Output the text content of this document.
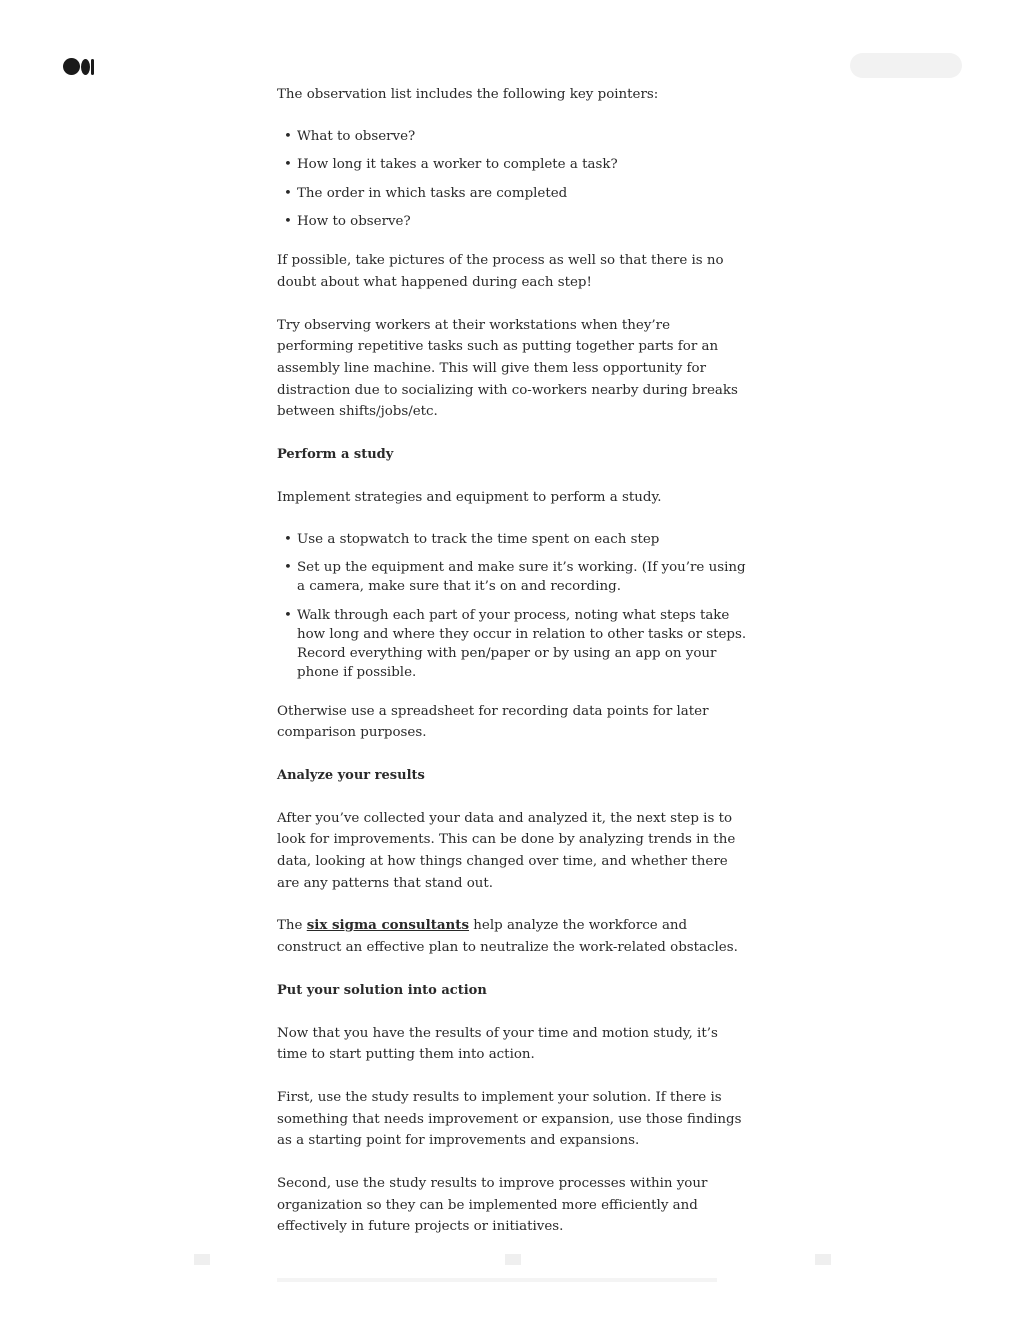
The observation list includes the following key pointers:

• What to observe?
• How long it takes a worker to complete a task?
• The order in which tasks are completed
• How to observe?

If possible, take pictures of the process as well so that there is no doubt about what happened during each step!

Try observing workers at their workstations when they’re performing repetitive tasks such as putting together parts for an assembly line machine. This will give them less opportunity for distraction due to socializing with co-workers nearby during breaks between shifts/jobs/etc.

Perform a study

Implement strategies and equipment to perform a study.

• Use a stopwatch to track the time spent on each step
• Set up the equipment and make sure it’s working. (If you’re using a camera, make sure that it’s on and recording.
• Walk through each part of your process, noting what steps take how long and where they occur in relation to other tasks or steps. Record everything with pen/paper or by using an app on your phone if possible.

Otherwise use a spreadsheet for recording data points for later comparison purposes.

Analyze your results

After you’ve collected your data and analyzed it, the next step is to look for improvements. This can be done by analyzing trends in the data, looking at how things changed over time, and whether there are any patterns that stand out.

The six sigma consultants help analyze the workforce and construct an effective plan to neutralize the work-related obstacles.

Put your solution into action

Now that you have the results of your time and motion study, it’s time to start putting them into action.

First, use the study results to implement your solution. If there is something that needs improvement or expansion, use those findings as a starting point for improvements and expansions.

Second, use the study results to improve processes within your organization so they can be implemented more efficiently and effectively in future projects or initiatives.
